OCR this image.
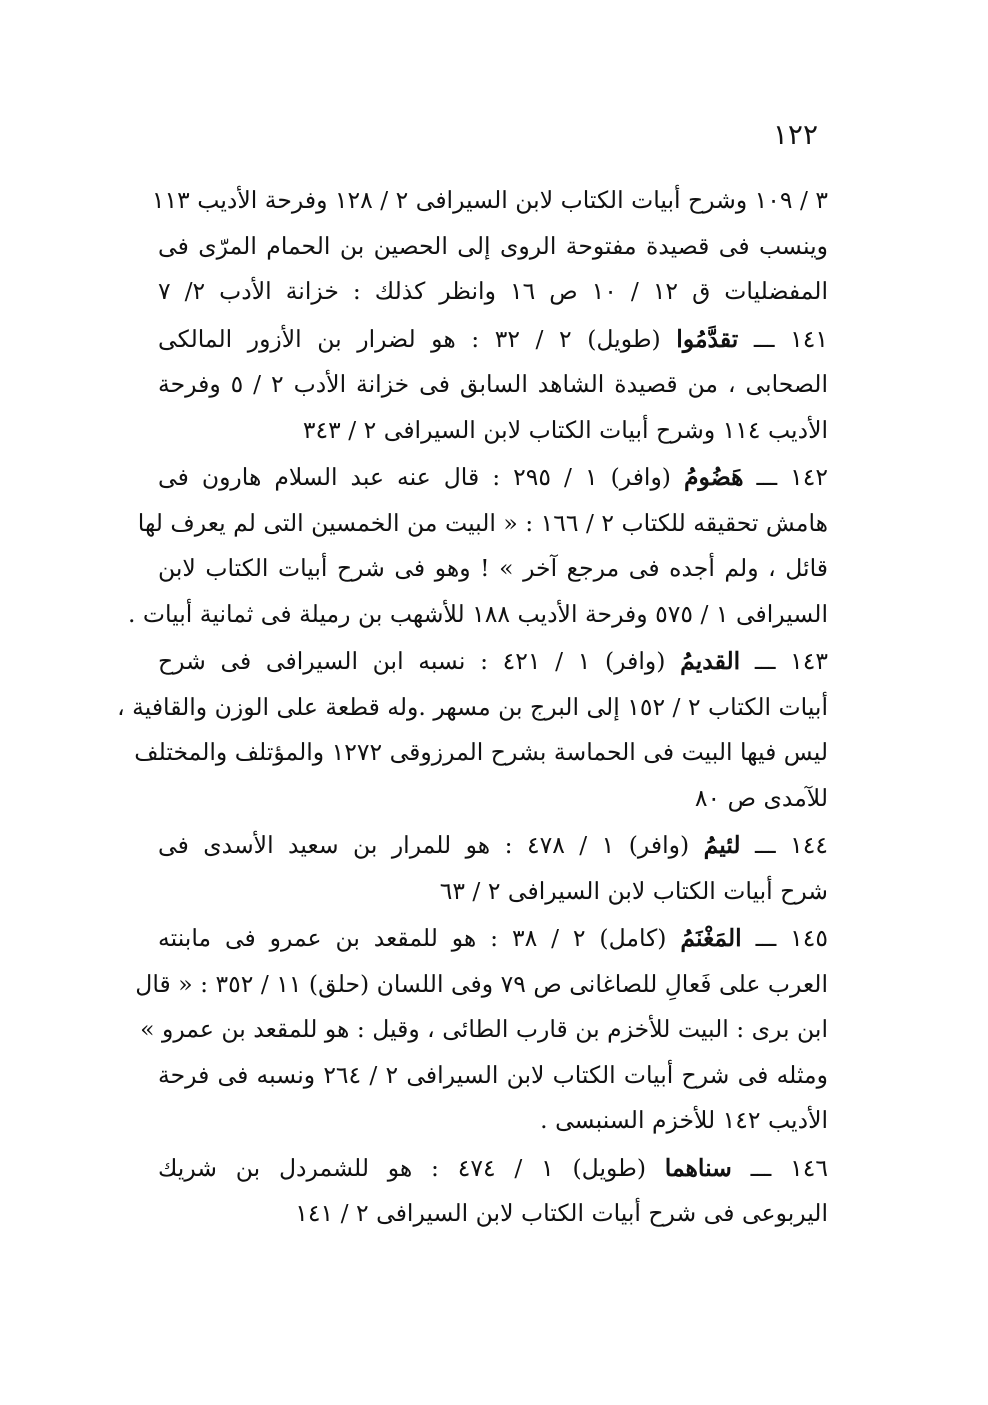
١٢٢
٣ / ١٠٩ وشرح أبيات الكتاب لابن السيرافى ٢ / ١٢٨ وفرحة الأديب ١١٣
وينسب فى قصيدة مفتوحة الروى إلى الحصين بن الحمام المرّى فى
المفضليات ق ١٢ / ١٠ ص ١٦ وانظر كذلك : خزانة الأدب ٢/ ٧
١٤١ ـــ تقدَّمُوا (طويل) ٢ / ٣٢ : هو لضرار بن الأزور المالكى
الصحابى ، من قصيدة الشاهد السابق فى خزانة الأدب ٢ / ٥ وفرحة
الأديب ١١٤ وشرح أبيات الكتاب لابن السيرافى ٢ / ٣٤٣
١٤٢ ـــ هَضُومُ (وافر) ١ / ٢٩٥ : قال عنه عبد السلام هارون فى
هامش تحقيقه للكتاب ٢ / ١٦٦ : « البيت من الخمسين التى لم يعرف لها
قائل ، ولم أجده فى مرجع آخر » ! وهو فى شرح أبيات الكتاب لابن
السيرافى ١ / ٥٧٥ وفرحة الأديب ١٨٨ للأشهب بن رميلة فى ثمانية أبيات .
١٤٣ ـــ القديمُ (وافر) ١ / ٤٢١ : نسبه ابن السيرافى فى شرح
أبيات الكتاب ٢ / ١٥٢ إلى البرج بن مسهر .وله قطعة على الوزن والقافية ،
ليس فيها البيت فى الحماسة بشرح المرزوقى ١٢٧٢ والمؤتلف والمختلف
للآمدى ص ٨٠
١٤٤ ـــ لئيمُ (وافر) ١ / ٤٧٨ : هو للمرار بن سعيد الأسدى فى
شرح أبيات الكتاب لابن السيرافى ٢ / ٦٣
١٤٥ ـــ المَغْنَمُ (كامل) ٢ / ٣٨ : هو للمقعد بن عمرو فى مابنته
العرب على فَعالِ للصاغانى ص ٧٩ وفى اللسان (حلق) ١١ / ٣٥٢ : « قال
ابن برى : البيت للأخزم بن قارب الطائى ، وقيل : هو للمقعد بن عمرو »
ومثله فى شرح أبيات الكتاب لابن السيرافى ٢ / ٢٦٤ ونسبه فى فرحة
الأديب ١٤٢ للأخزم السنبسى .
١٤٦ ـــ سناهما (طويل) ١ / ٤٧٤ : هو للشمردل بن شريك
اليربوعى فى شرح أبيات الكتاب لابن السيرافى ٢ / ١٤١
